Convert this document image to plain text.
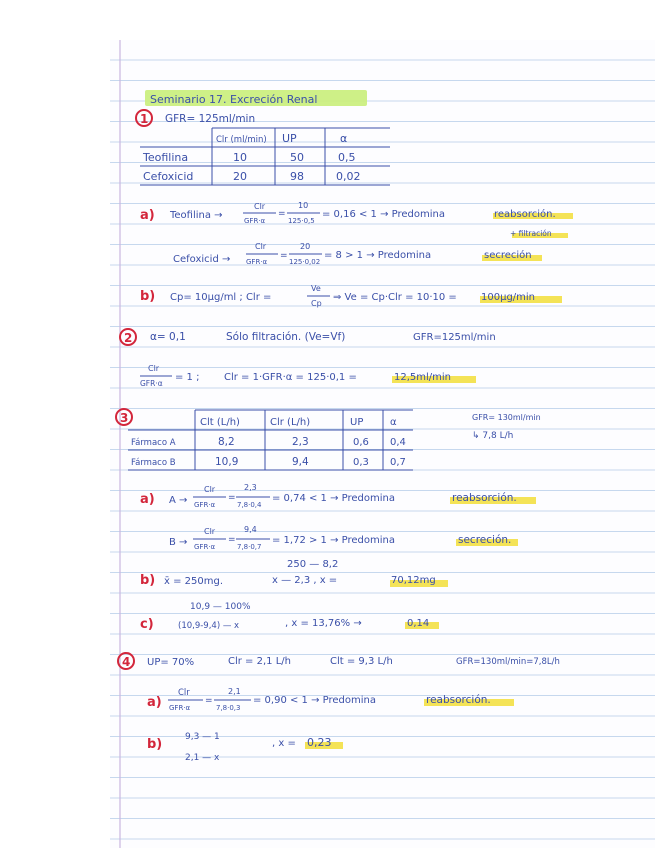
Seminario 17. Excreción Renal
1 GFR= 125ml/min
Clr (ml/min) UP	α
Teofilina	10	50	0,5
Cefoxicid	20	98	0,02
a) Teofilina →
Clr
GFR·α
=
10
125·0,5
= 0,16 < 1 → Predomina	reabsorción.
+ filtración
Cefoxicid →
Clr
GFR·α
=
20
125·0,02
= 8 > 1 → Predomina	secreción
b) Cp= 10µg/ml ; Clr =
Ve
Cp
⇒ Ve = Cp·Clr = 10·10 = 100µg/min
2 α= 0,1	Sólo filtración. (Ve=Vf)	GFR=125ml/min
Clr
GFR·α
= 1 ; Clr = 1·GFR·α = 125·0,1 =	12,5ml/min
3	Clt (L/h)	Clr (L/h)	UP	α
Fármaco A	8,2	2,3	0,6 0,4
Fármaco B	10,9	9,4	0,3 0,7
GFR= 130ml/min
↳ 7,8 L/h
a) A →
Clr
GFR·α
=
2,3
7,8·0,4
= 0,74 < 1 → Predomina	reabsorción.
B →
Clr
GFR·α
=
9,4
7,8·0,7
= 1,72 > 1 → Predomina	secreción.
250 — 8,2
b) x̄ = 250mg.	x — 2,3 , x =	70,12mg
10,9 — 100%
c)	(10,9-9,4) — x	, x = 13,76% →	0,14
4 UP= 70%	Clr = 2,1 L/h	Clt = 9,3 L/h	GFR=130ml/min=7,8L/h
a)
Clr
GFR·α
=
2,1
7,8·0,3
= 0,90 < 1 → Predomina	reabsorción.
b)	9,3 — 1
2,1 — x
, x = 0,23
